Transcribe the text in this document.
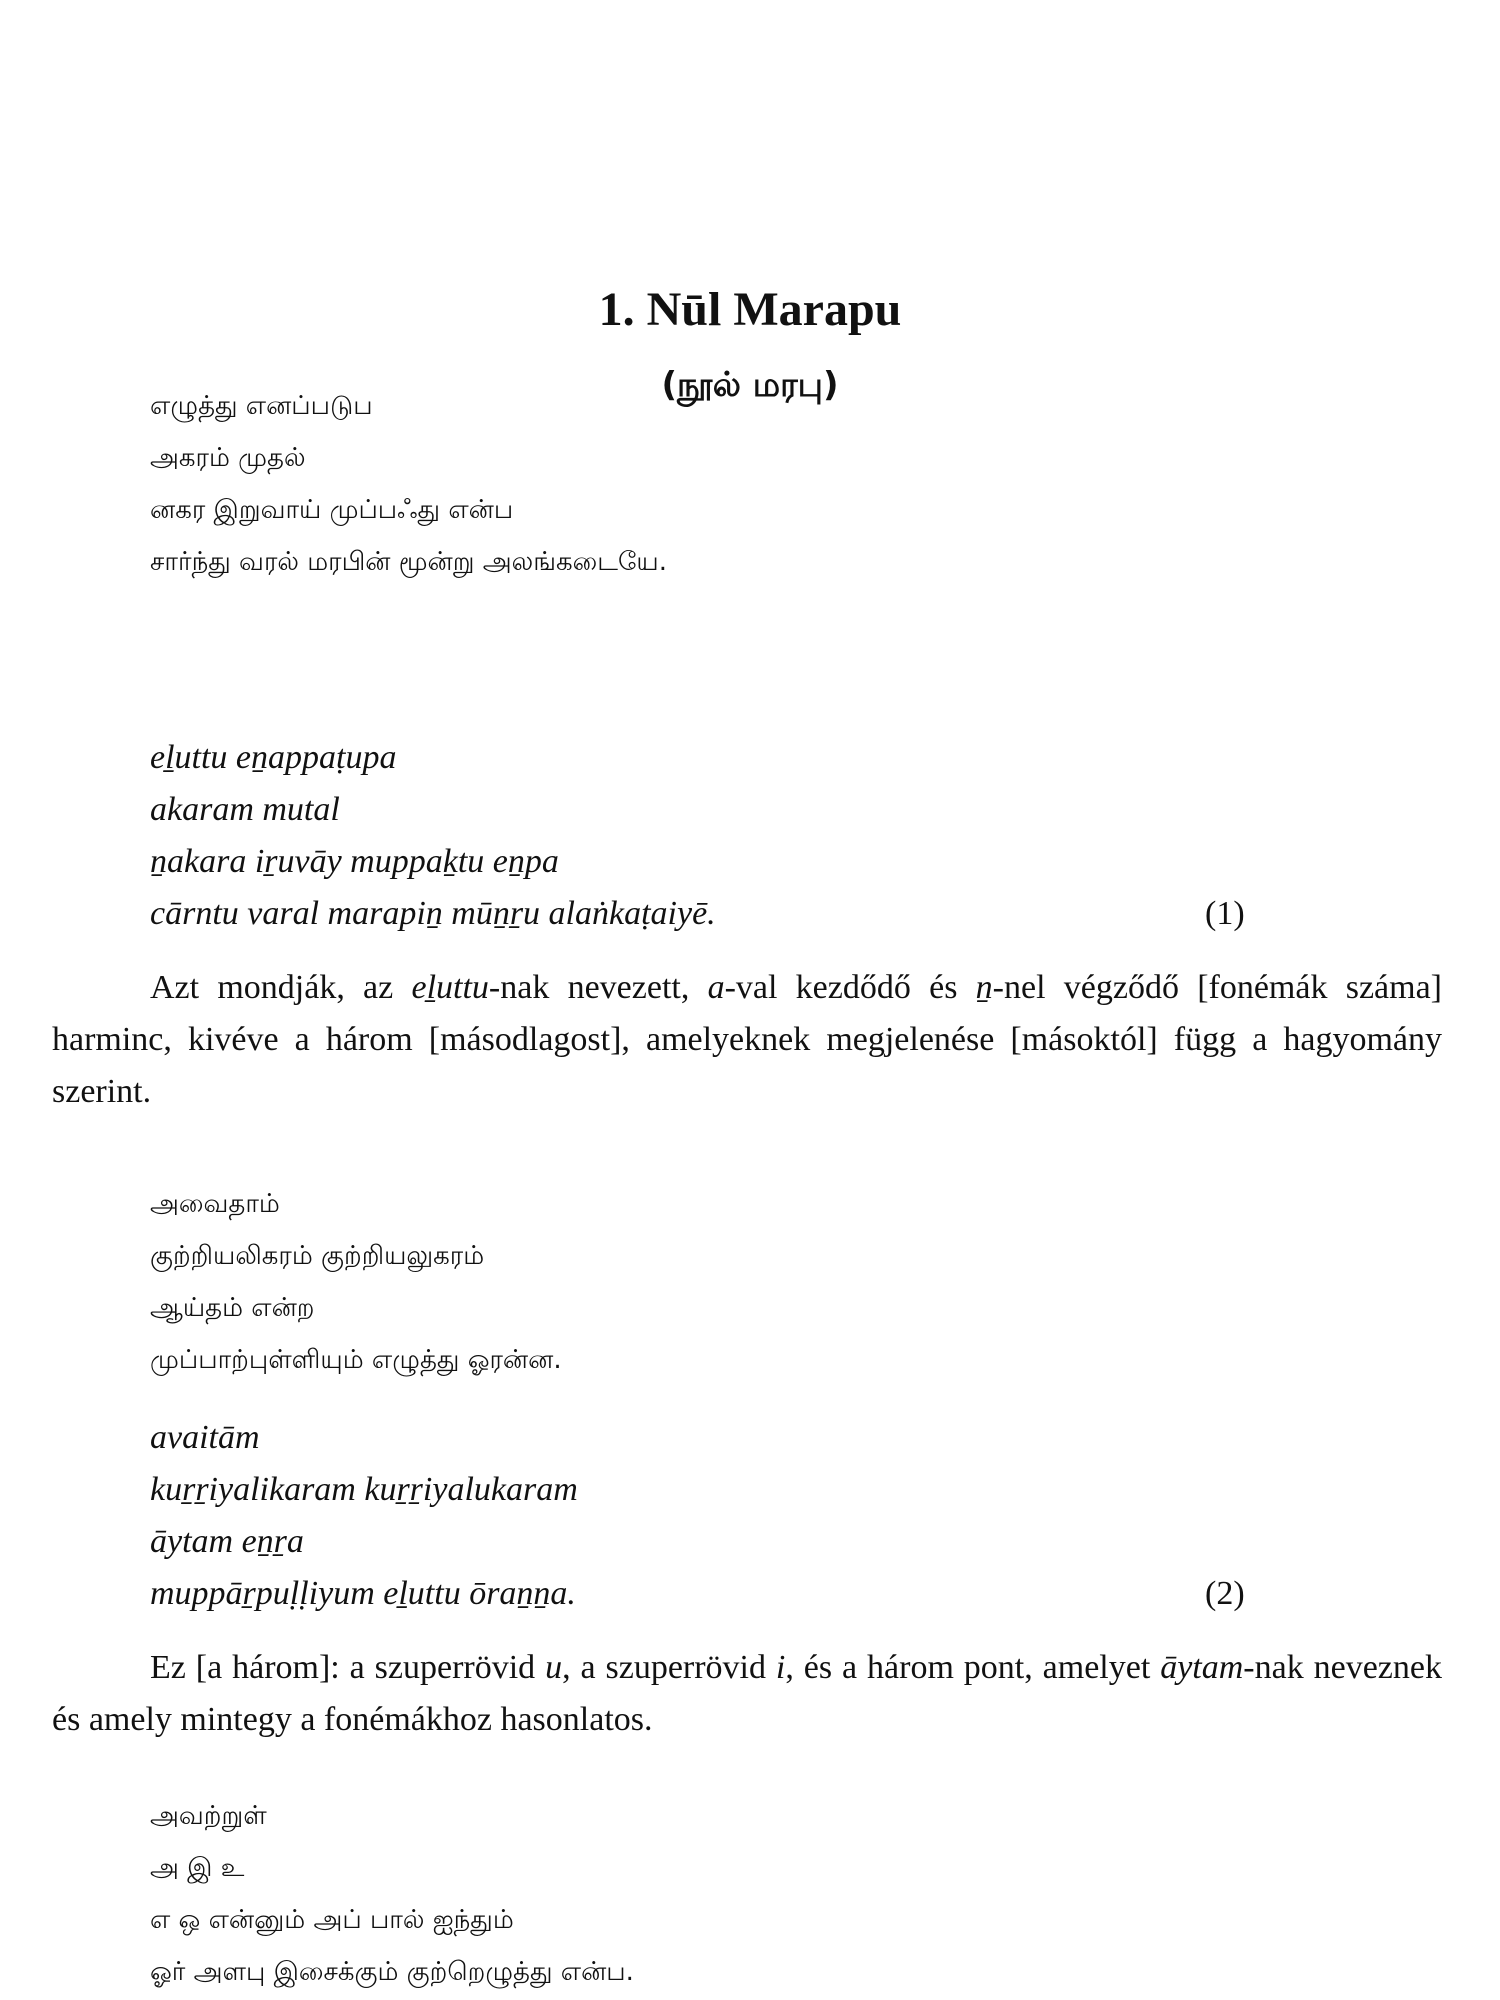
1. Nūl Marapu
(நூல் மரபு)
எழுத்து எனப்படுப
அகரம் முதல்
னகர இறுவாய் முப்பஃது என்ப
சார்ந்து வரல் மரபின் மூன்று அலங்கடையே.
eḻuttu eṉappaṭupa
akaram mutal
ṉakara iṟuvāy muppaḵtu eṉpa
cārntu varal marapiṉ mūṉṟu alaṅkaṭaiyē.	(1)

Azt mondják, az eḻuttu-nak nevezett, a-val kezdődő és ṉ-nel végződő [fonémák száma] harminc, kivéve a három [másodlagost], amelyeknek megjelenése [másoktól] függ a hagyomány szerint.

அவைதாம்
குற்றியலிகரம் குற்றியலுகரம்
ஆய்தம் என்ற
முப்பாற்புள்ளியும் எழுத்து ஓரன்ன.
avaitām
kuṟṟiyalikaram kuṟṟiyalukaram
āytam eṉṟa
muppāṟpuḷḷiyum eḻuttu ōraṉṉa.	(2)

Ez [a három]: a szuperrövid u, a szuperrövid i, és a három pont, amelyet āytam-nak neveznek és amely mintegy a fonémákhoz hasonlatos.

அவற்றுள்
அ இ உ
எ ஒ என்னும் அப் பால் ஐந்தும்
ஓர் அளபு இசைக்கும் குற்றெழுத்து என்ப.
